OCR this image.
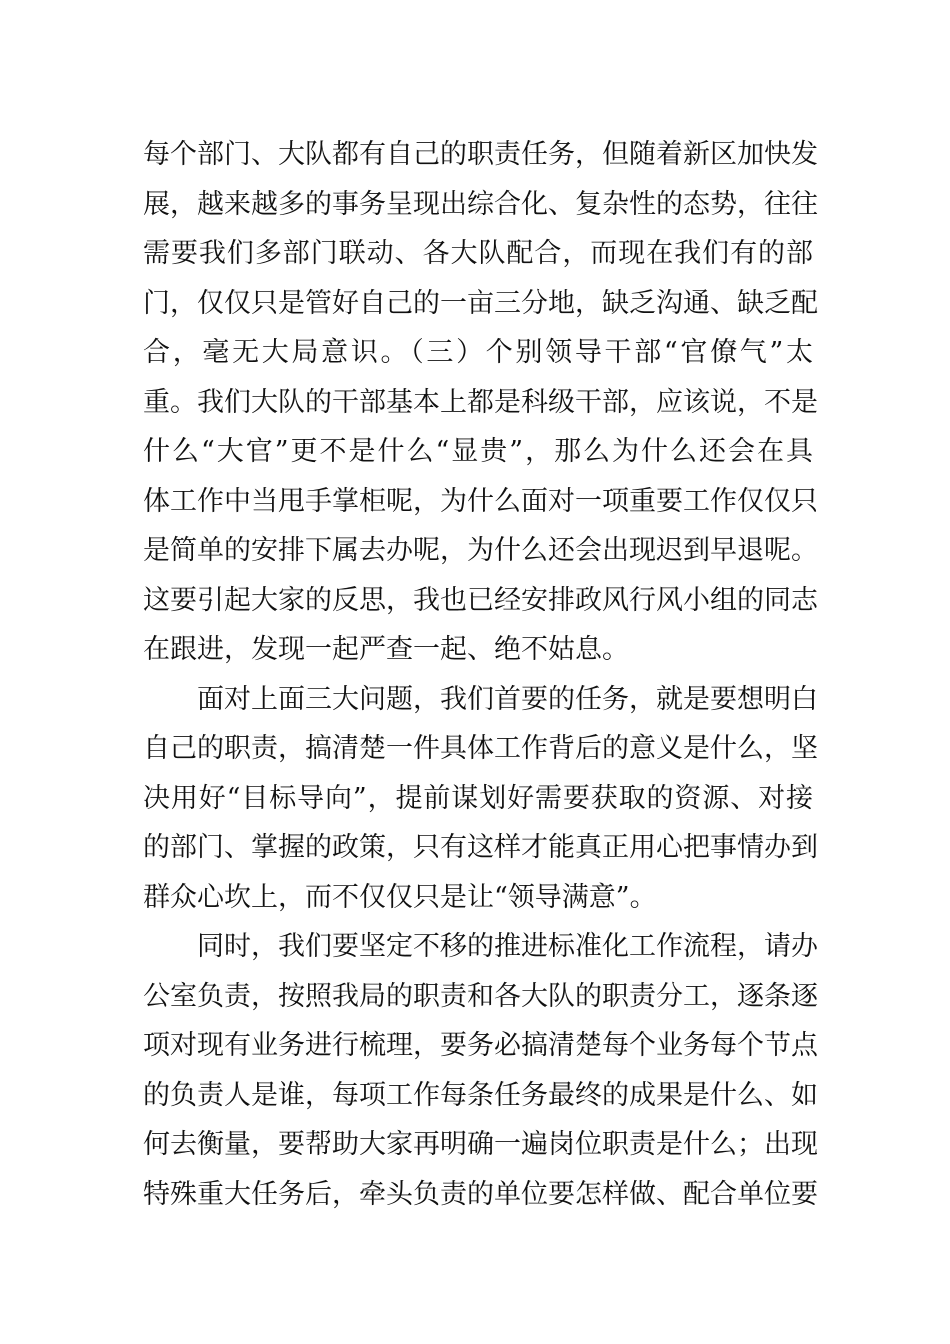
每个部门、大队都有自己的职责任务，但随着新区加快发
展，越来越多的事务呈现出综合化、复杂性的态势，往往
需要我们多部门联动、各大队配合，而现在我们有的部
门，仅仅只是管好自己的一亩三分地，缺乏沟通、缺乏配
合，毫无大局意识。（三）个别领导干部“官僚气”太
重。我们大队的干部基本上都是科级干部，应该说，不是
什么“大官”更不是什么“显贵”，那么为什么还会在具
体工作中当甩手掌柜呢，为什么面对一项重要工作仅仅只
是简单的安排下属去办呢，为什么还会出现迟到早退呢。
这要引起大家的反思，我也已经安排政风行风小组的同志
在跟进，发现一起严查一起、绝不姑息。
面对上面三大问题，我们首要的任务，就是要想明白
自己的职责，搞清楚一件具体工作背后的意义是什么，坚
决用好“目标导向”，提前谋划好需要获取的资源、对接
的部门、掌握的政策，只有这样才能真正用心把事情办到
群众心坎上，而不仅仅只是让“领导满意”。
同时，我们要坚定不移的推进标准化工作流程，请办
公室负责，按照我局的职责和各大队的职责分工，逐条逐
项对现有业务进行梳理，要务必搞清楚每个业务每个节点
的负责人是谁，每项工作每条任务最终的成果是什么、如
何去衡量，要帮助大家再明确一遍岗位职责是什么；出现
特殊重大任务后，牵头负责的单位要怎样做、配合单位要
